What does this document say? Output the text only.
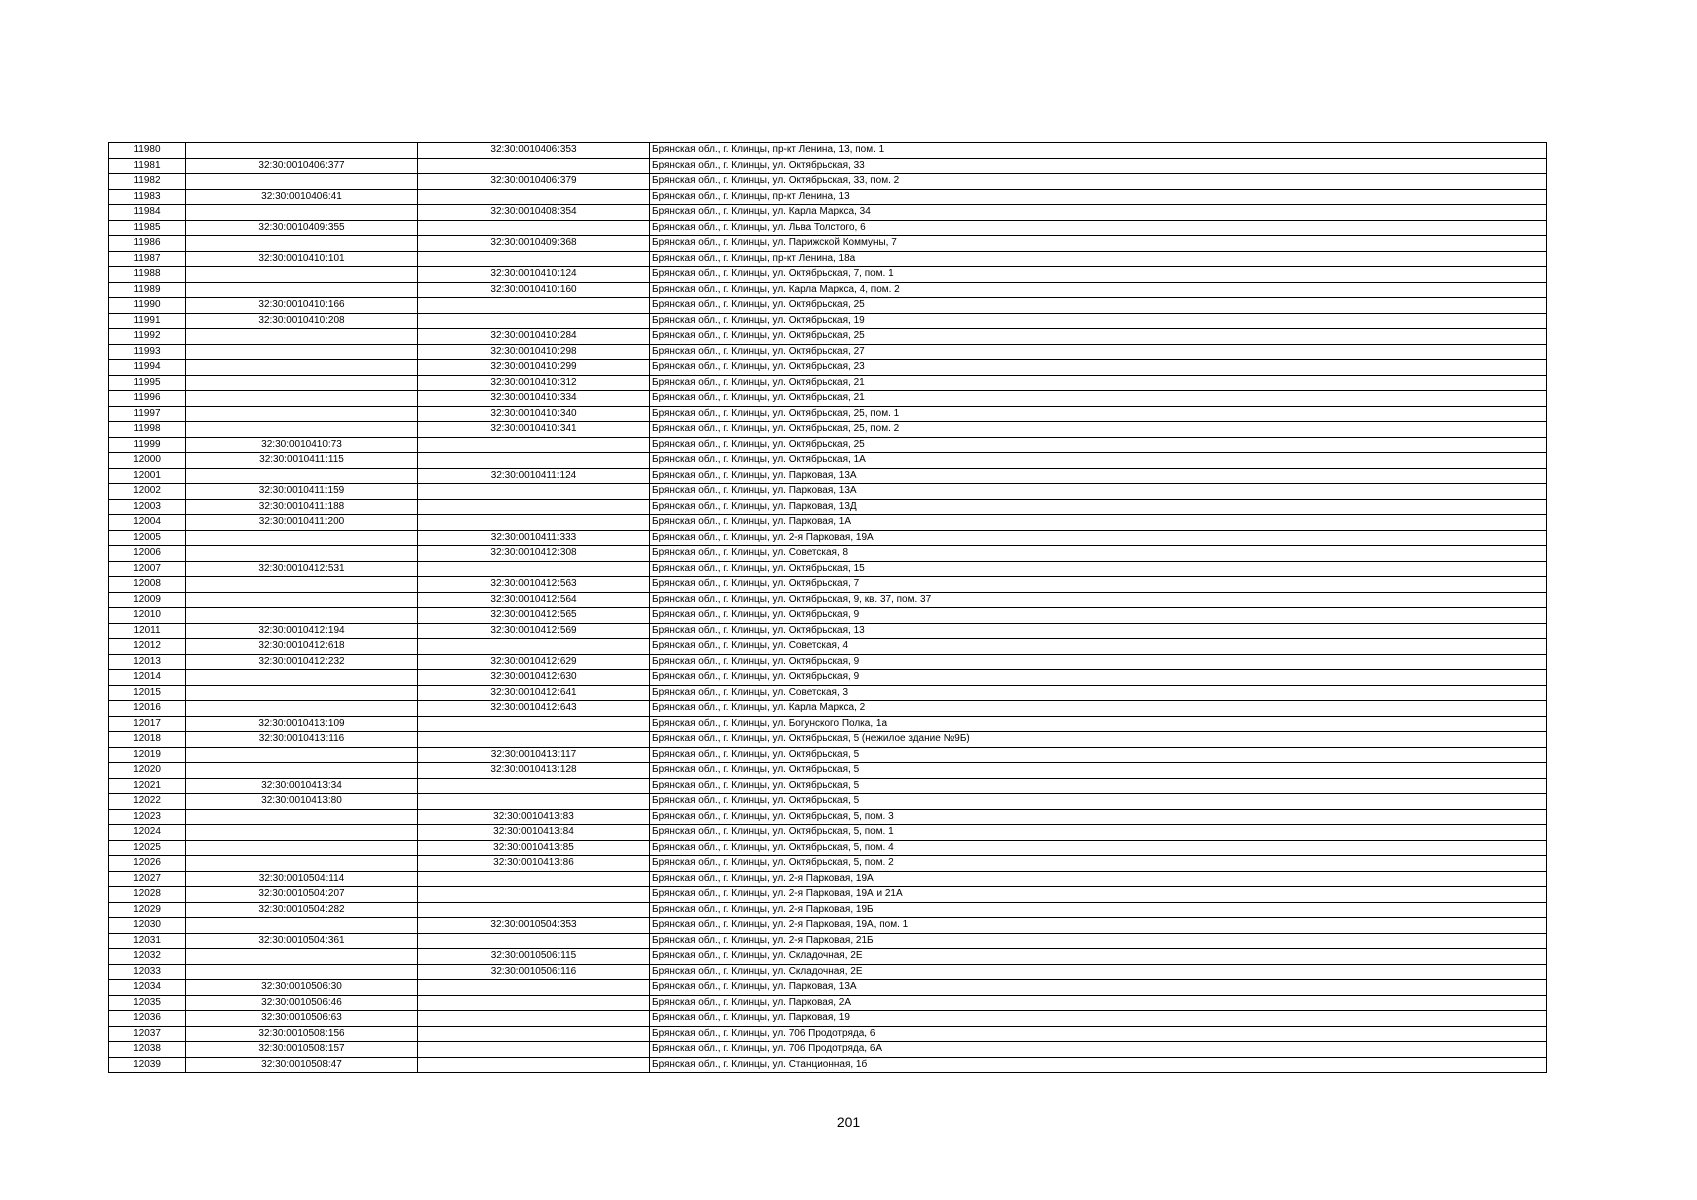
11980		32:30:0010406:353	Брянская обл., г. Клинцы, пр-кт Ленина, 13, пом. 1
11981	32:30:0010406:377		Брянская обл., г. Клинцы, ул. Октябрьская, 33
11982		32:30:0010406:379	Брянская обл., г. Клинцы, ул. Октябрьская, 33, пом. 2
11983	32:30:0010406:41		Брянская обл., г. Клинцы, пр-кт Ленина, 13
11984		32:30:0010408:354	Брянская обл., г. Клинцы, ул. Карла Маркса, 34
11985	32:30:0010409:355		Брянская обл., г. Клинцы, ул. Льва Толстого, 6
11986		32:30:0010409:368	Брянская обл., г. Клинцы, ул. Парижской Коммуны, 7
11987	32:30:0010410:101		Брянская обл., г. Клинцы, пр-кт Ленина, 18а
11988		32:30:0010410:124	Брянская обл., г. Клинцы, ул. Октябрьская, 7, пом. 1
11989		32:30:0010410:160	Брянская обл., г. Клинцы, ул. Карла Маркса, 4, пом. 2
11990	32:30:0010410:166		Брянская обл., г. Клинцы, ул. Октябрьская, 25
11991	32:30:0010410:208		Брянская обл., г. Клинцы, ул. Октябрьская, 19
11992		32:30:0010410:284	Брянская обл., г. Клинцы, ул. Октябрьская, 25
11993		32:30:0010410:298	Брянская обл., г. Клинцы, ул. Октябрьская, 27
11994		32:30:0010410:299	Брянская обл., г. Клинцы, ул. Октябрьская, 23
11995		32:30:0010410:312	Брянская обл., г. Клинцы, ул. Октябрьская, 21
11996		32:30:0010410:334	Брянская обл., г. Клинцы, ул. Октябрьская, 21
11997		32:30:0010410:340	Брянская обл., г. Клинцы, ул. Октябрьская, 25, пом. 1
11998		32:30:0010410:341	Брянская обл., г. Клинцы, ул. Октябрьская, 25, пом. 2
11999	32:30:0010410:73		Брянская обл., г. Клинцы, ул. Октябрьская, 25
12000	32:30:0010411:115		Брянская обл., г. Клинцы, ул. Октябрьская, 1А
12001		32:30:0010411:124	Брянская обл., г. Клинцы, ул. Парковая, 13А
12002	32:30:0010411:159		Брянская обл., г. Клинцы, ул. Парковая, 13А
12003	32:30:0010411:188		Брянская обл., г. Клинцы, ул. Парковая, 13Д
12004	32:30:0010411:200		Брянская обл., г. Клинцы, ул. Парковая, 1А
12005		32:30:0010411:333	Брянская обл., г. Клинцы, ул. 2-я Парковая, 19А
12006		32:30:0010412:308	Брянская обл., г. Клинцы, ул. Советская, 8
12007	32:30:0010412:531		Брянская обл., г. Клинцы, ул. Октябрьская, 15
12008		32:30:0010412:563	Брянская обл., г. Клинцы, ул. Октябрьская, 7
12009		32:30:0010412:564	Брянская обл., г. Клинцы, ул. Октябрьская, 9, кв. 37, пом. 37
12010		32:30:0010412:565	Брянская обл., г. Клинцы, ул. Октябрьская, 9
12011	32:30:0010412:194	32:30:0010412:569	Брянская обл., г. Клинцы, ул. Октябрьская, 13
12012	32:30:0010412:618		Брянская обл., г. Клинцы, ул. Советская, 4
12013	32:30:0010412:232	32:30:0010412:629	Брянская обл., г. Клинцы, ул. Октябрьская, 9
12014		32:30:0010412:630	Брянская обл., г. Клинцы, ул. Октябрьская, 9
12015		32:30:0010412:641	Брянская обл., г. Клинцы, ул. Советская, 3
12016		32:30:0010412:643	Брянская обл., г. Клинцы, ул. Карла Маркса, 2
12017	32:30:0010413:109		Брянская обл., г. Клинцы, ул. Богунского Полка, 1а
12018	32:30:0010413:116		Брянская обл., г. Клинцы, ул. Октябрьская, 5 (нежилое здание №9Б)
12019		32:30:0010413:117	Брянская обл., г. Клинцы, ул. Октябрьская, 5
12020		32:30:0010413:128	Брянская обл., г. Клинцы, ул. Октябрьская, 5
12021	32:30:0010413:34		Брянская обл., г. Клинцы, ул. Октябрьская, 5
12022	32:30:0010413:80		Брянская обл., г. Клинцы, ул. Октябрьская, 5
12023		32:30:0010413:83	Брянская обл., г. Клинцы, ул. Октябрьская, 5, пом. 3
12024		32:30:0010413:84	Брянская обл., г. Клинцы, ул. Октябрьская, 5, пом. 1
12025		32:30:0010413:85	Брянская обл., г. Клинцы, ул. Октябрьская, 5, пом. 4
12026		32:30:0010413:86	Брянская обл., г. Клинцы, ул. Октябрьская, 5, пом. 2
12027	32:30:0010504:114		Брянская обл., г. Клинцы, ул. 2-я Парковая, 19А
12028	32:30:0010504:207		Брянская обл., г. Клинцы, ул. 2-я Парковая, 19А и 21А
12029	32:30:0010504:282		Брянская обл., г. Клинцы, ул. 2-я Парковая, 19Б
12030		32:30:0010504:353	Брянская обл., г. Клинцы, ул. 2-я Парковая, 19А, пом. 1
12031	32:30:0010504:361		Брянская обл., г. Клинцы, ул. 2-я Парковая, 21Б
12032		32:30:0010506:115	Брянская обл., г. Клинцы, ул. Складочная, 2Е
12033		32:30:0010506:116	Брянская обл., г. Клинцы, ул. Складочная, 2Е
12034	32:30:0010506:30		Брянская обл., г. Клинцы, ул. Парковая, 13А
12035	32:30:0010506:46		Брянская обл., г. Клинцы, ул. Парковая, 2А
12036	32:30:0010506:63		Брянская обл., г. Клинцы, ул. Парковая, 19
12037	32:30:0010508:156		Брянская обл., г. Клинцы, ул. 706 Продотряда, 6
12038	32:30:0010508:157		Брянская обл., г. Клинцы, ул. 706 Продотряда, 6А
12039	32:30:0010508:47		Брянская обл., г. Клинцы, ул. Станционная, 1б
201
